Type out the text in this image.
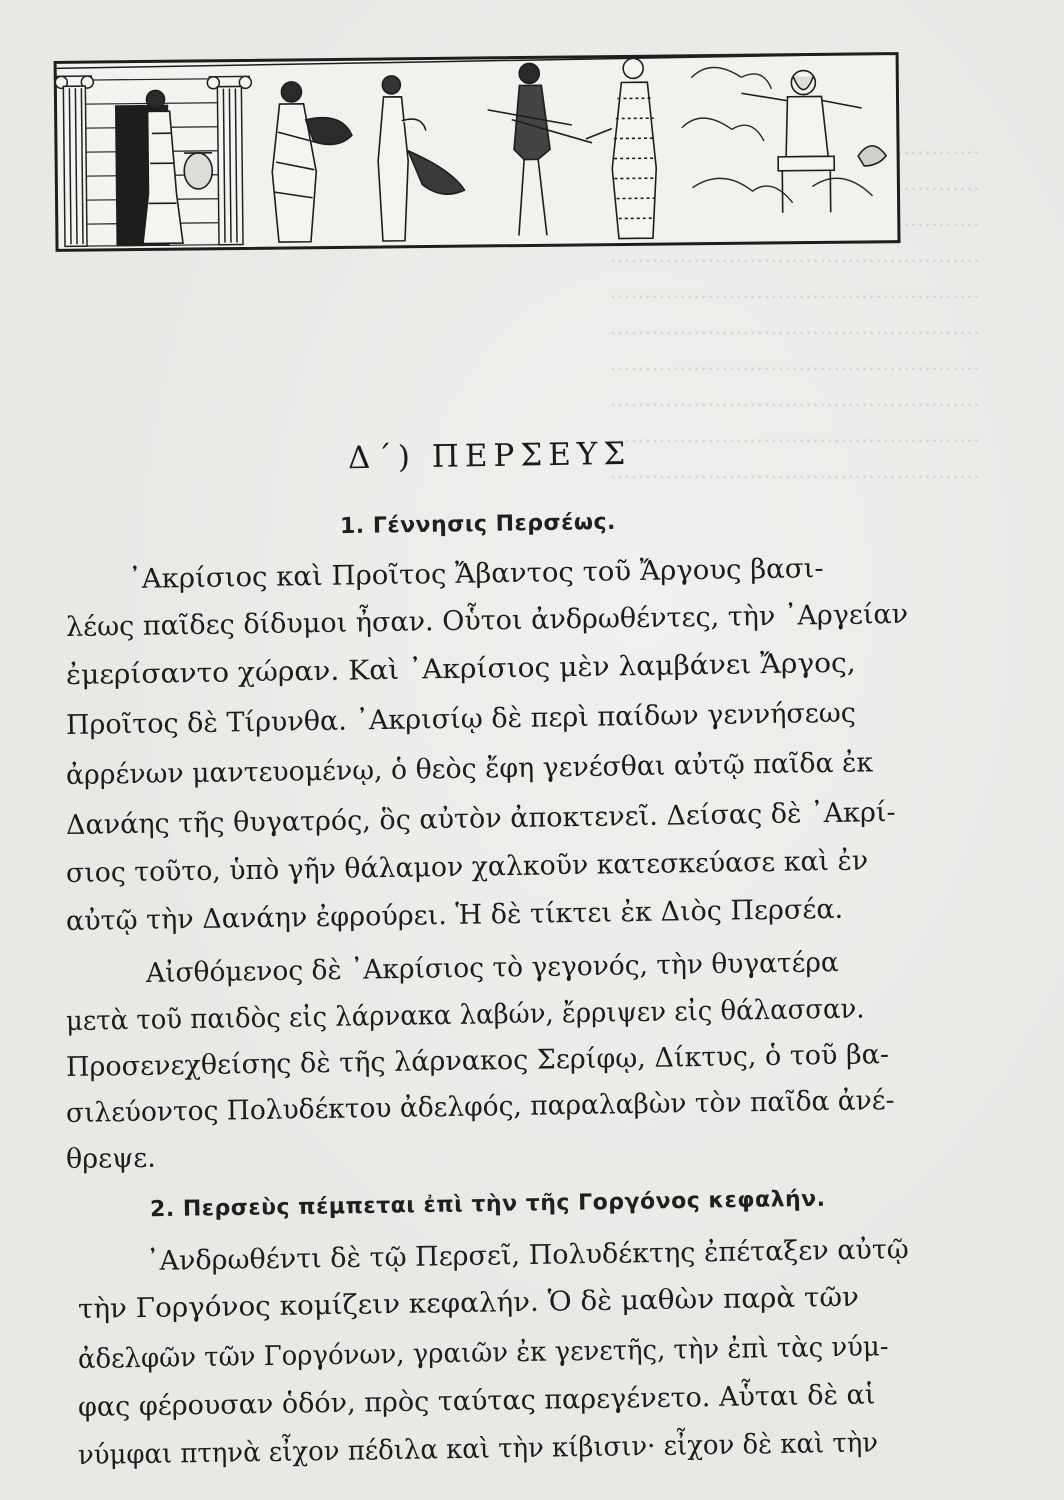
.....................................................
.....................................................
.....................................................
.....................................................
.....................................................
.....................................................
.....................................................
Δ΄) ΠΕΡΣΕΥΣ
1. Γέννησις Περσέως.
᾿Ακρίσιος καὶ Προῖτος Ἄβαντος τοῦ Ἄργους βασι-
λέως παῖδες δίδυμοι ἦσαν. Οὗτοι ἀνδρωθέντες, τὴν ᾿Αργείαν
ἐμερίσαντο χώραν. Καὶ ᾿Ακρίσιος μὲν λαμβάνει Ἄργος,
Προῖτος δὲ Τίρυνθα. ᾿Ακρισίῳ δὲ περὶ παίδων γεννήσεως
ἀρρένων μαντευομένῳ, ὁ θεὸς ἔφη γενέσθαι αὐτῷ παῖδα ἐκ
Δανάης τῆς θυγατρός, ὃς αὐτὸν ἀποκτενεῖ. Δείσας δὲ ᾿Ακρί-
σιος τοῦτο, ὑπὸ γῆν θάλαμον χαλκοῦν κατεσκεύασε καὶ ἐν
αὐτῷ τὴν Δανάην ἐφρούρει. Ἡ δὲ τίκτει ἐκ Διὸς Περσέα.
Αἰσθόμενος δὲ ᾿Ακρίσιος τὸ γεγονός, τὴν θυγατέρα
μετὰ τοῦ παιδὸς εἰς λάρνακα λαβών, ἔρριψεν εἰς θάλασσαν.
Προσενεχθείσης δὲ τῆς λάρνακος Σερίφῳ, Δίκτυς, ὁ τοῦ βα-
σιλεύοντος Πολυδέκτου ἀδελφός, παραλαβὼν τὸν παῖδα ἀνέ-
θρεψε.
2. Περσεὺς πέμπεται ἐπὶ τὴν τῆς Γοργόνος κεφαλήν.
᾿Ανδρωθέντι δὲ τῷ Περσεῖ, Πολυδέκτης ἐπέταξεν αὐτῷ
τὴν Γοργόνος κομίζειν κεφαλήν. Ὁ δὲ μαθὼν παρὰ τῶν
ἀδελφῶν τῶν Γοργόνων, γραιῶν ἐκ γενετῆς, τὴν ἐπὶ τὰς νύμ-
φας φέρουσαν ὁδόν, πρὸς ταύτας παρεγένετο. Αὗται δὲ αἱ
νύμφαι πτηνὰ εἶχον πέδιλα καὶ τὴν κίβισιν· εἶχον δὲ καὶ τὴν
